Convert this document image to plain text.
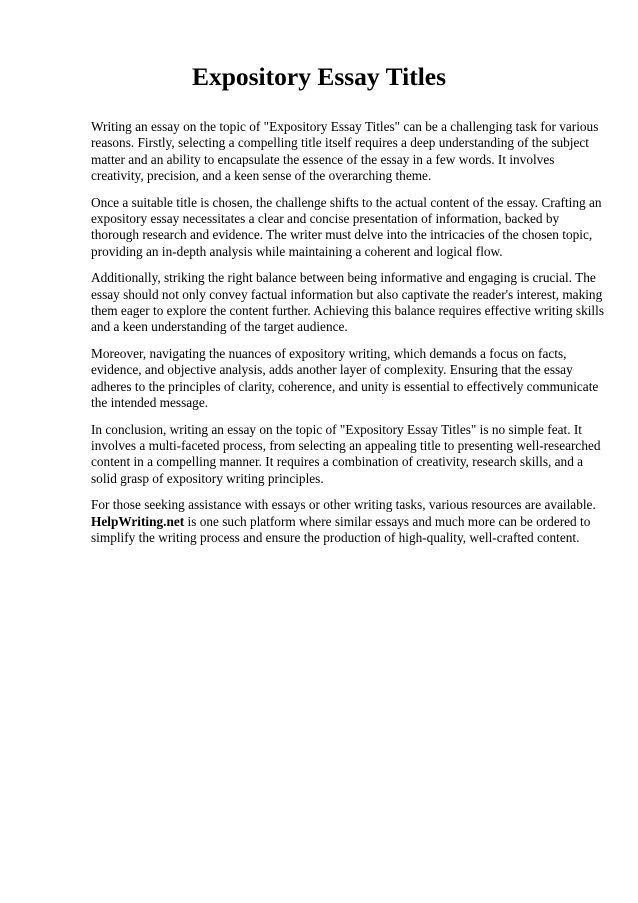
Expository Essay Titles

Writing an essay on the topic of "Expository Essay Titles" can be a challenging task for various
reasons. Firstly, selecting a compelling title itself requires a deep understanding of the subject
matter and an ability to encapsulate the essence of the essay in a few words. It involves
creativity, precision, and a keen sense of the overarching theme.

Once a suitable title is chosen, the challenge shifts to the actual content of the essay. Crafting an
expository essay necessitates a clear and concise presentation of information, backed by
thorough research and evidence. The writer must delve into the intricacies of the chosen topic,
providing an in-depth analysis while maintaining a coherent and logical flow.

Additionally, striking the right balance between being informative and engaging is crucial. The
essay should not only convey factual information but also captivate the reader's interest, making
them eager to explore the content further. Achieving this balance requires effective writing skills
and a keen understanding of the target audience.

Moreover, navigating the nuances of expository writing, which demands a focus on facts,
evidence, and objective analysis, adds another layer of complexity. Ensuring that the essay
adheres to the principles of clarity, coherence, and unity is essential to effectively communicate
the intended message.

In conclusion, writing an essay on the topic of "Expository Essay Titles" is no simple feat. It
involves a multi-faceted process, from selecting an appealing title to presenting well-researched
content in a compelling manner. It requires a combination of creativity, research skills, and a
solid grasp of expository writing principles.

For those seeking assistance with essays or other writing tasks, various resources are available.
HelpWriting.net is one such platform where similar essays and much more can be ordered to
simplify the writing process and ensure the production of high-quality, well-crafted content.
